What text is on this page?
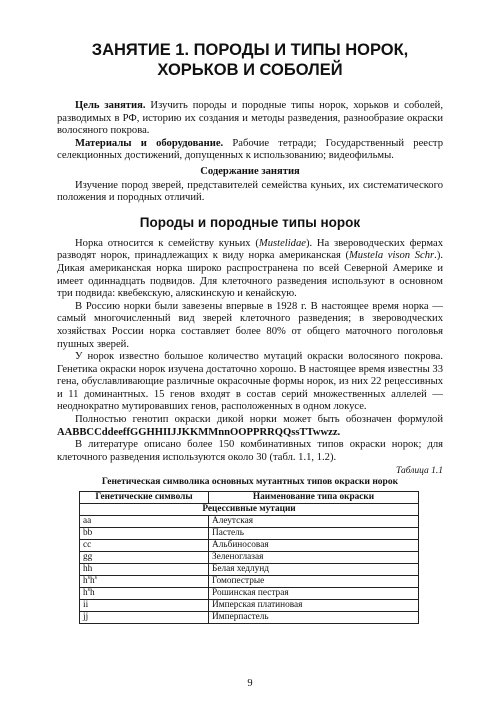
ЗАНЯТИЕ 1. ПОРОДЫ И ТИПЫ НОРОК,
ХОРЬКОВ И СОБОЛЕЙ

Цель занятия. Изучить породы и породные типы норок, хорьков и соболей, разводимых в РФ, историю их создания и методы разведения, разнообразие окраски волосяного покрова.

Материалы и оборудование. Рабочие тетради; Государственный реестр селекционных достижений, допущенных к использованию; видеофильмы.

Содержание занятия

Изучение пород зверей, представителей семейства куньих, их систематического положения и породных отличий.

Породы и породные типы норок

Норка относится к семейству куньих (Mustelidae). На звероводческих фермах разводят норок, принадлежащих к виду норка американская (Mustela vison Schr.). Дикая американская норка широко распространена по всей Северной Америке и имеет одиннадцать подвидов. Для клеточного разведения используют в основном три подвида: квебекскую, аляскинскую и кенайскую.

В Россию норки были завезены впервые в 1928 г. В настоящее время норка — самый многочисленный вид зверей клеточного разведения; в звероводческих хозяйствах России норка составляет более 80% от общего маточного поголовья пушных зверей.

У норок известно большое количество мутаций окраски волосяного покрова. Генетика окраски норок изучена достаточно хорошо. В настоящее время известны 33 гена, обуславливающие различные окрасочные формы норок, из них 22 рецессивных и 11 доминантных. 15 генов входят в состав серий множественных аллелей — неоднократно мутировавших генов, расположенных в одном локусе.

Полностью генотип окраски дикой норки может быть обозначен формулой AABBCCddeeffGGHHIIJJKKMMnnOOPPRRQQssTTwwzz.

В литературе описано более 150 комбинативных типов окраски норок; для клеточного разведения используются около 30 (табл. 1.1, 1.2).

Таблица 1.1
Генетическая символика основных мутантных типов окраски норок
Генетические символы	Наименование типа окраски
Рецессивные мутации	
aa	Алеутская
bb	Пастель
cc	Альбиносовая
gg	Зеленоглазая
hh	Белая хедлунд
$h^sh^s$	Гомопестрые
$h^sh$	Рошинская пестрая
ii	Имперская платиновая
jj	Имперпастель
9
